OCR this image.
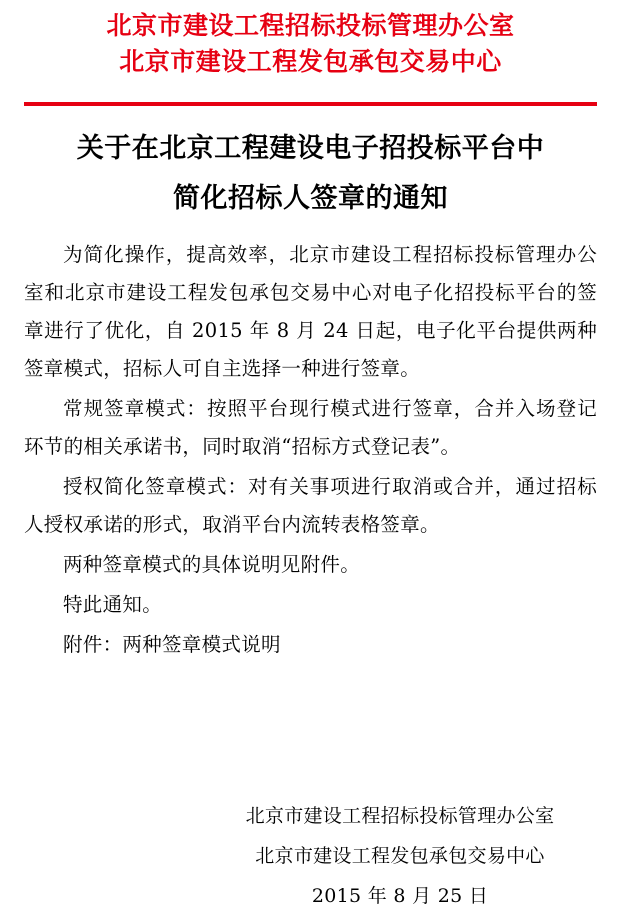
北京市建设工程招标投标管理办公室
北京市建设工程发包承包交易中心
关于在北京工程建设电子招投标平台中
简化招标人签章的通知

为简化操作，提高效率，北京市建设工程招标投标管理办公室和北京市建设工程发包承包交易中心对电子化招投标平台的签章进行了优化，自 2015 年 8 月 24 日起，电子化平台提供两种签章模式，招标人可自主选择一种进行签章。

常规签章模式：按照平台现行模式进行签章，合并入场登记环节的相关承诺书，同时取消“招标方式登记表”。

授权简化签章模式：对有关事项进行取消或合并，通过招标人授权承诺的形式，取消平台内流转表格签章。

两种签章模式的具体说明见附件。

特此通知。

附件：两种签章模式说明

北京市建设工程招标投标管理办公室
北京市建设工程发包承包交易中心
2015 年 8 月 25 日
